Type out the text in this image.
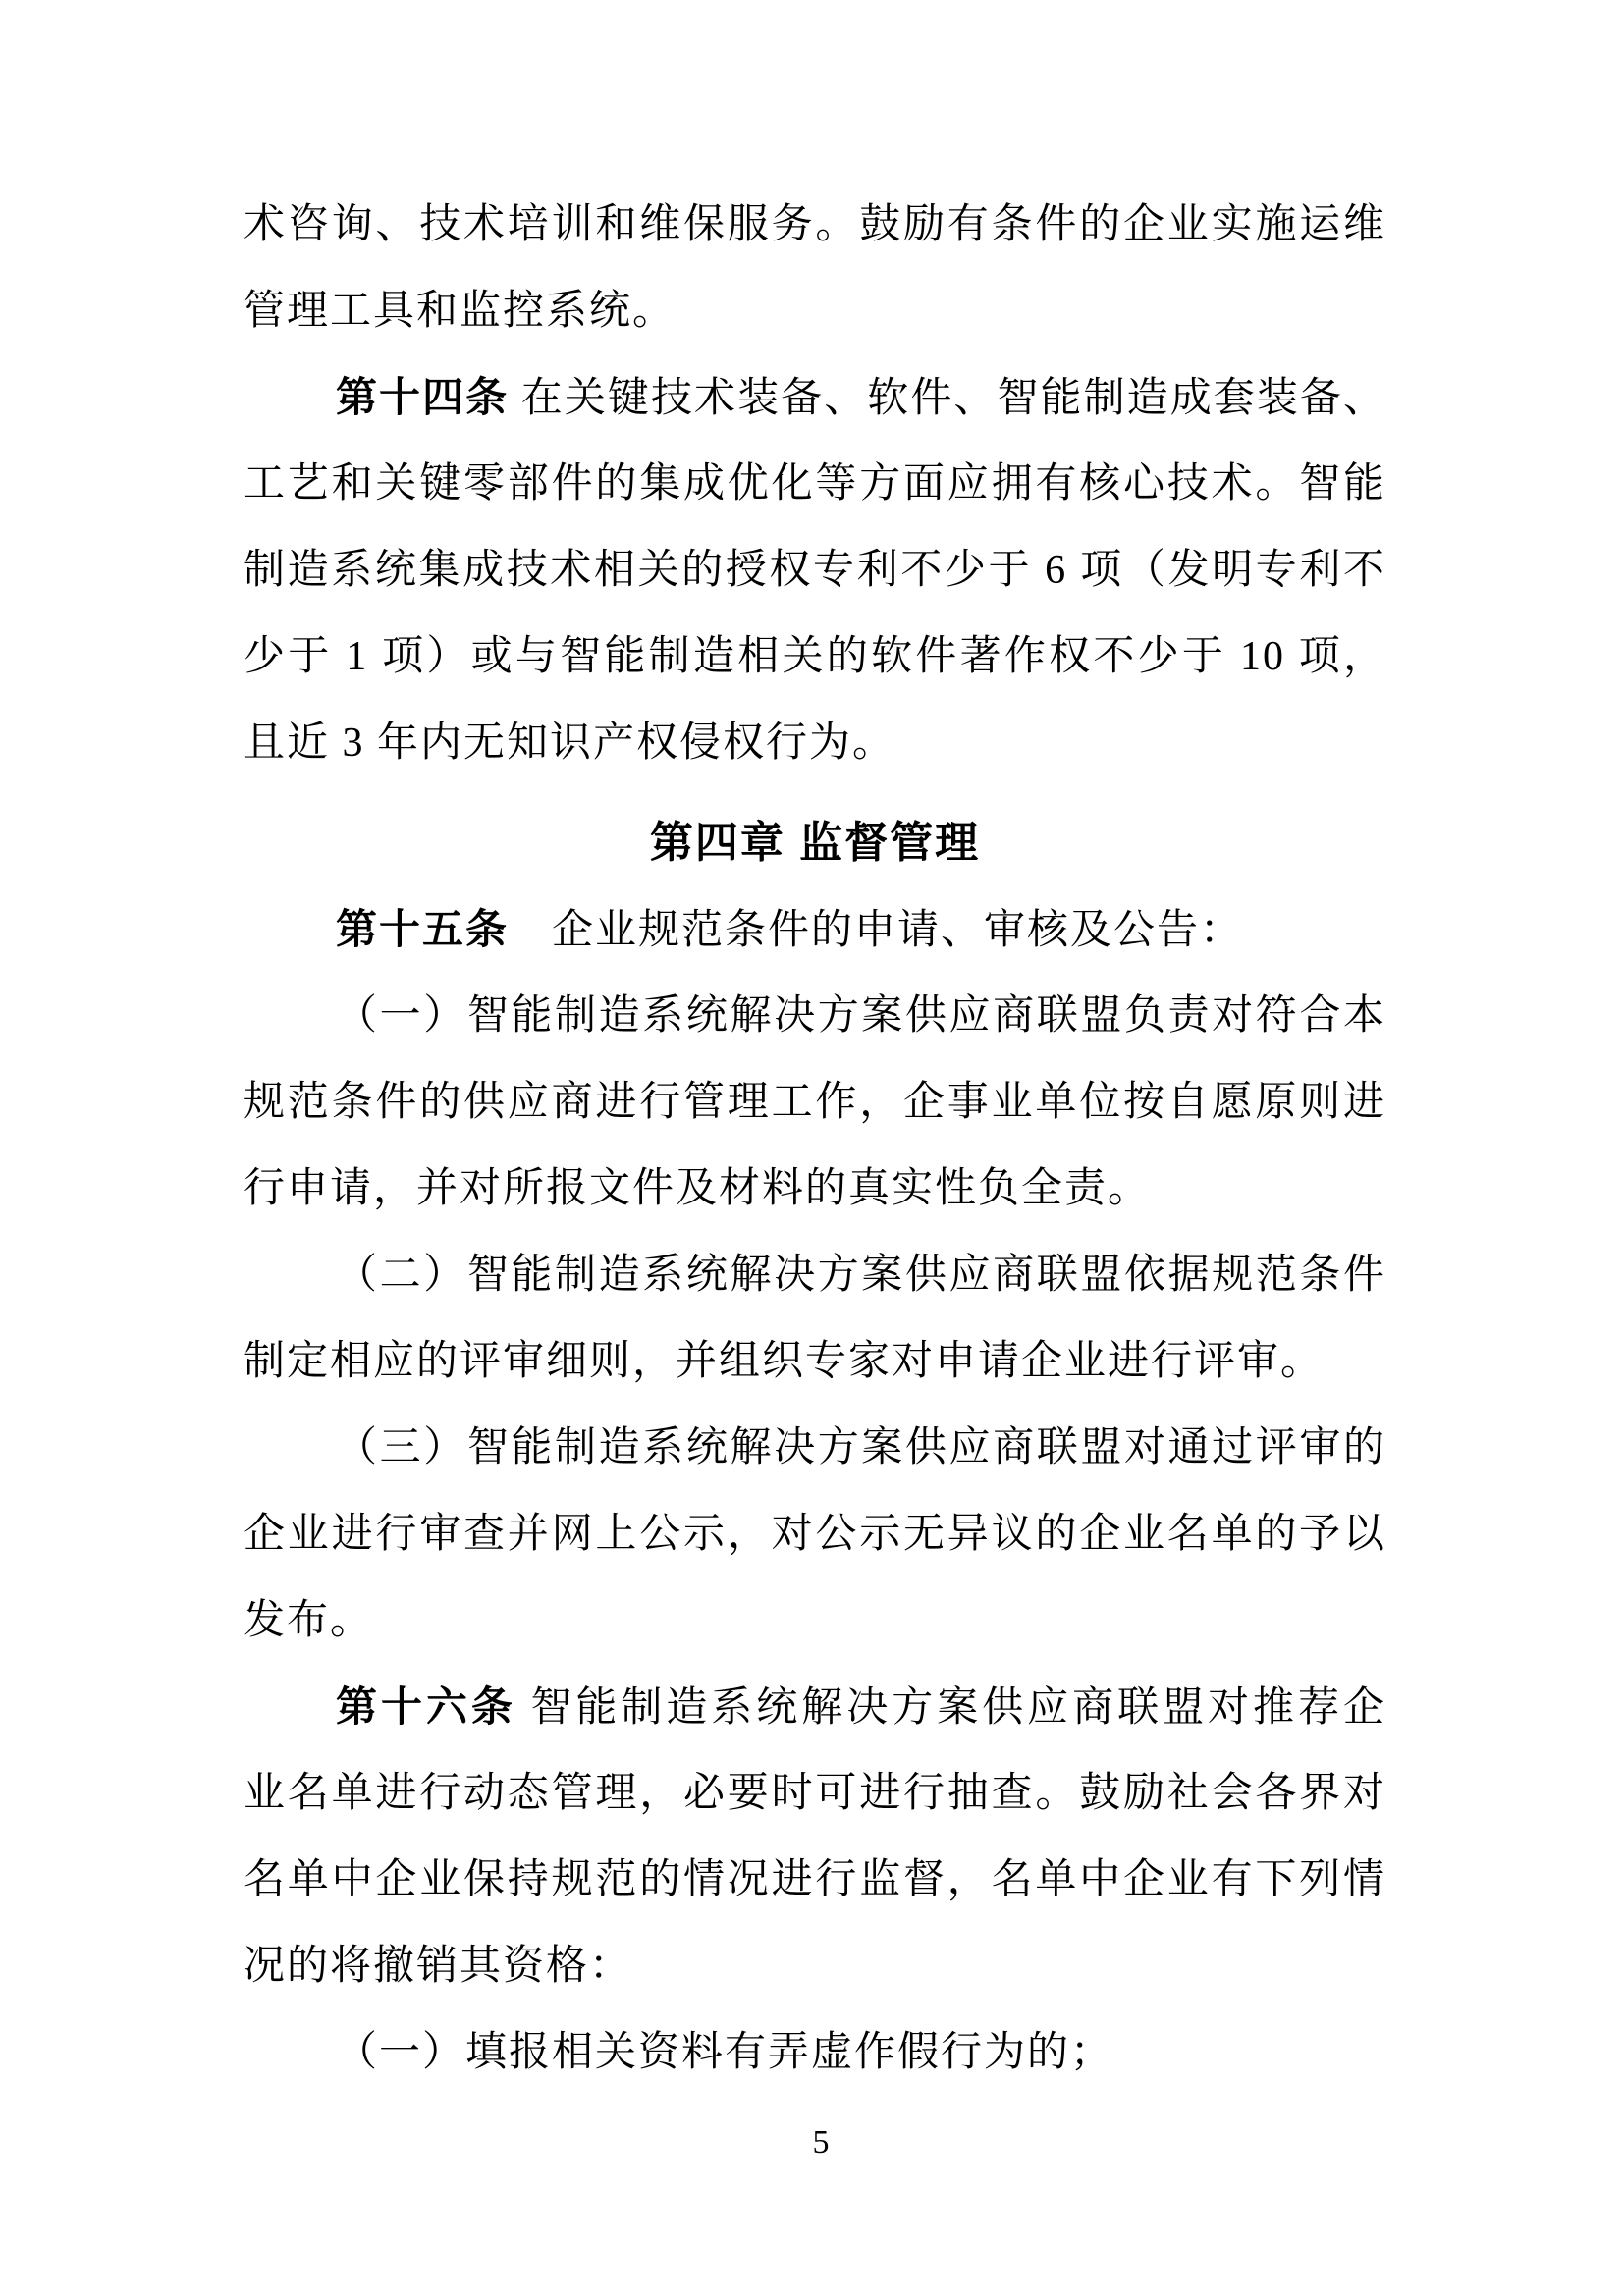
术咨询、技术培训和维保服务。鼓励有条件的企业实施运维
管理工具和监控系统。
第十四条 在关键技术装备、软件、智能制造成套装备、
工艺和关键零部件的集成优化等方面应拥有核心技术。智能
制造系统集成技术相关的授权专利不少于 6 项（发明专利不
少于 1 项）或与智能制造相关的软件著作权不少于 10 项，
且近 3 年内无知识产权侵权行为。
第四章 监督管理
第十五条　企业规范条件的申请、审核及公告：
（一）智能制造系统解决方案供应商联盟负责对符合本
规范条件的供应商进行管理工作，企事业单位按自愿原则进
行申请，并对所报文件及材料的真实性负全责。
（二）智能制造系统解决方案供应商联盟依据规范条件
制定相应的评审细则，并组织专家对申请企业进行评审。
（三）智能制造系统解决方案供应商联盟对通过评审的
企业进行审查并网上公示，对公示无异议的企业名单的予以
发布。
第十六条 智能制造系统解决方案供应商联盟对推荐企
业名单进行动态管理，必要时可进行抽查。鼓励社会各界对
名单中企业保持规范的情况进行监督，名单中企业有下列情
况的将撤销其资格：
（一）填报相关资料有弄虚作假行为的；
5
